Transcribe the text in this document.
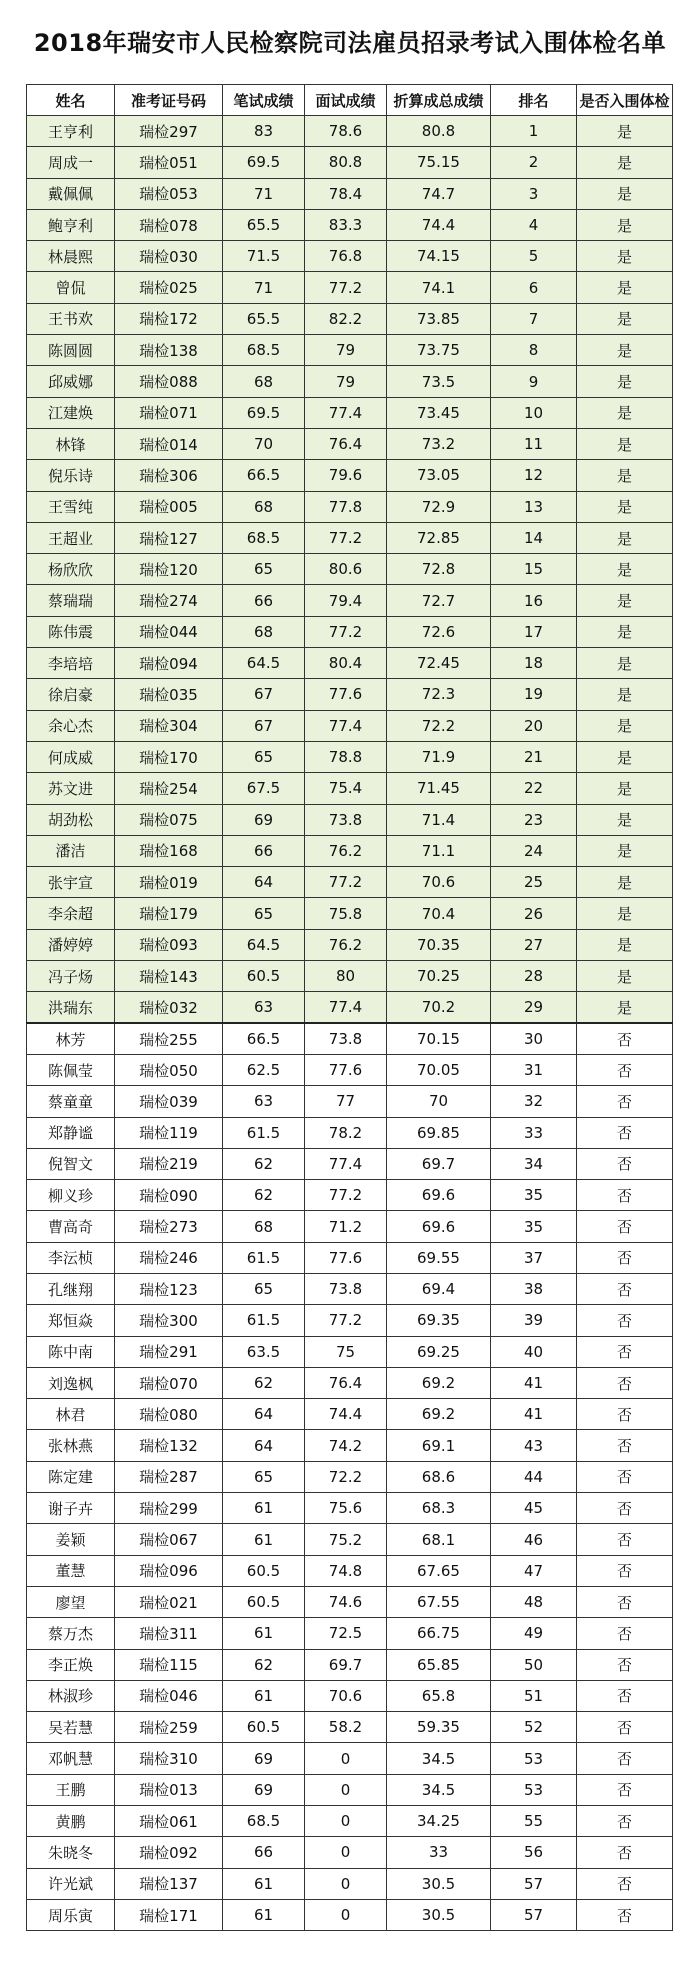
2018年瑞安市人民检察院司法雇员招录考试入围体检名单
姓名	准考证号码	笔试成绩	面试成绩	折算成总成绩	排名	是否入围体检
王亨利	瑞检297	83	78.6	80.8	1	是
周成一	瑞检051	69.5	80.8	75.15	2	是
戴佩佩	瑞检053	71	78.4	74.7	3	是
鲍亨利	瑞检078	65.5	83.3	74.4	4	是
林晨熙	瑞检030	71.5	76.8	74.15	5	是
曾侃	瑞检025	71	77.2	74.1	6	是
王书欢	瑞检172	65.5	82.2	73.85	7	是
陈圆圆	瑞检138	68.5	79	73.75	8	是
邱威娜	瑞检088	68	79	73.5	9	是
江建焕	瑞检071	69.5	77.4	73.45	10	是
林锋	瑞检014	70	76.4	73.2	11	是
倪乐诗	瑞检306	66.5	79.6	73.05	12	是
王雪纯	瑞检005	68	77.8	72.9	13	是
王超业	瑞检127	68.5	77.2	72.85	14	是
杨欣欣	瑞检120	65	80.6	72.8	15	是
蔡瑞瑞	瑞检274	66	79.4	72.7	16	是
陈伟震	瑞检044	68	77.2	72.6	17	是
李培培	瑞检094	64.5	80.4	72.45	18	是
徐启豪	瑞检035	67	77.6	72.3	19	是
余心杰	瑞检304	67	77.4	72.2	20	是
何成威	瑞检170	65	78.8	71.9	21	是
苏文进	瑞检254	67.5	75.4	71.45	22	是
胡劲松	瑞检075	69	73.8	71.4	23	是
潘洁	瑞检168	66	76.2	71.1	24	是
张宇宣	瑞检019	64	77.2	70.6	25	是
李余超	瑞检179	65	75.8	70.4	26	是
潘婷婷	瑞检093	64.5	76.2	70.35	27	是
冯子炀	瑞检143	60.5	80	70.25	28	是
洪瑞东	瑞检032	63	77.4	70.2	29	是
林芳	瑞检255	66.5	73.8	70.15	30	否
陈佩莹	瑞检050	62.5	77.6	70.05	31	否
蔡童童	瑞检039	63	77	70	32	否
郑静谧	瑞检119	61.5	78.2	69.85	33	否
倪智文	瑞检219	62	77.4	69.7	34	否
柳义珍	瑞检090	62	77.2	69.6	35	否
曹高奇	瑞检273	68	71.2	69.6	35	否
李沄桢	瑞检246	61.5	77.6	69.55	37	否
孔继翔	瑞检123	65	73.8	69.4	38	否
郑恒焱	瑞检300	61.5	77.2	69.35	39	否
陈中南	瑞检291	63.5	75	69.25	40	否
刘逸枫	瑞检070	62	76.4	69.2	41	否
林君	瑞检080	64	74.4	69.2	41	否
张林燕	瑞检132	64	74.2	69.1	43	否
陈定建	瑞检287	65	72.2	68.6	44	否
谢子卉	瑞检299	61	75.6	68.3	45	否
姜颖	瑞检067	61	75.2	68.1	46	否
董慧	瑞检096	60.5	74.8	67.65	47	否
廖望	瑞检021	60.5	74.6	67.55	48	否
蔡万杰	瑞检311	61	72.5	66.75	49	否
李正焕	瑞检115	62	69.7	65.85	50	否
林淑珍	瑞检046	61	70.6	65.8	51	否
吴若慧	瑞检259	60.5	58.2	59.35	52	否
邓帆慧	瑞检310	69	0	34.5	53	否
王鹏	瑞检013	69	0	34.5	53	否
黄鹏	瑞检061	68.5	0	34.25	55	否
朱晓冬	瑞检092	66	0	33	56	否
许光斌	瑞检137	61	0	30.5	57	否
周乐寅	瑞检171	61	0	30.5	57	否
